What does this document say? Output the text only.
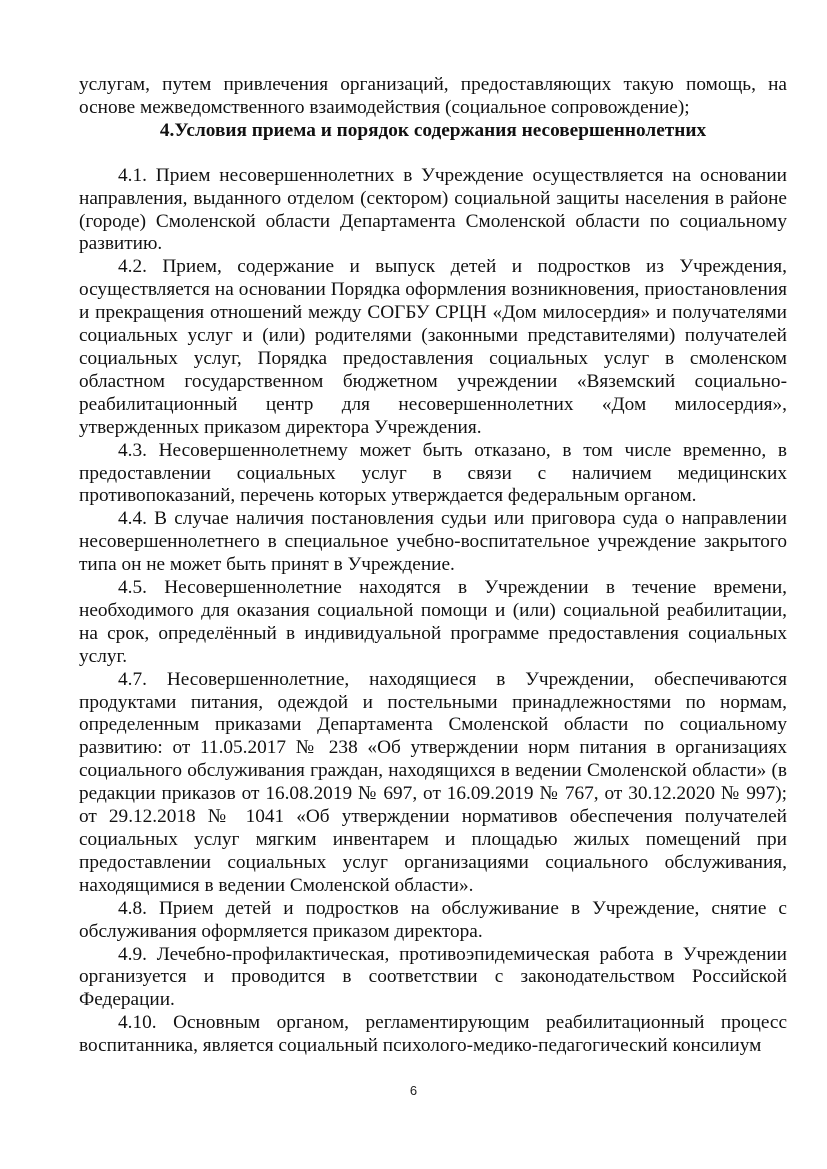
услугам, путем привлечения организаций, предоставляющих такую помощь, на основе межведомственного взаимодействия (социальное сопровождение);

4.Условия приема и порядок содержания несовершеннолетних

4.1. Прием несовершеннолетних в Учреждение осуществляется на основании направления, выданного отделом (сектором) социальной защиты населения в районе (городе) Смоленской области Департамента Смоленской области по социальному развитию.

4.2. Прием, содержание и выпуск детей и подростков из Учреждения, осуществляется на основании Порядка оформления возникновения, приостановления и прекращения отношений между СОГБУ СРЦН «Дом милосердия» и получателями социальных услуг и (или) родителями (законными представителями) получателей социальных услуг, Порядка предоставления социальных услуг в смоленском областном государственном бюджетном учреждении «Вяземский социально-реабилитационный центр для несовершеннолетних «Дом милосердия», утвержденных приказом директора Учреждения.

4.3. Несовершеннолетнему может быть отказано, в том числе временно, в предоставлении социальных услуг в связи с наличием медицинских противопоказаний, перечень которых утверждается федеральным органом.

4.4. В случае наличия постановления судьи или приговора суда о направлении несовершеннолетнего в специальное учебно-воспитательное учреждение закрытого типа он не может быть принят в Учреждение.

4.5. Несовершеннолетние находятся в Учреждении в течение времени, необходимого для оказания социальной помощи и (или) социальной реабилитации, на срок, определённый в индивидуальной программе предоставления социальных услуг.

4.7. Несовершеннолетние, находящиеся в Учреждении, обеспечиваются продуктами питания, одеждой и постельными принадлежностями по нормам, определенным приказами Департамента Смоленской области по социальному развитию: от 11.05.2017 № 238 «Об утверждении норм питания в организациях социального обслуживания граждан, находящихся в ведении Смоленской области» (в редакции приказов от 16.08.2019 № 697, от 16.09.2019 № 767, от 30.12.2020 № 997); от 29.12.2018 № 1041 «Об утверждении нормативов обеспечения получателей социальных услуг мягким инвентарем и площадью жилых помещений при предоставлении социальных услуг организациями социального обслуживания, находящимися в ведении Смоленской области».

4.8. Прием детей и подростков на обслуживание в Учреждение, снятие с обслуживания оформляется приказом директора.

4.9. Лечебно-профилактическая, противоэпидемическая работа в Учреждении организуется и проводится в соответствии с законодательством Российской Федерации.

4.10. Основным органом, регламентирующим реабилитационный процесс воспитанника, является социальный психолого-медико-педагогический консилиум

6
